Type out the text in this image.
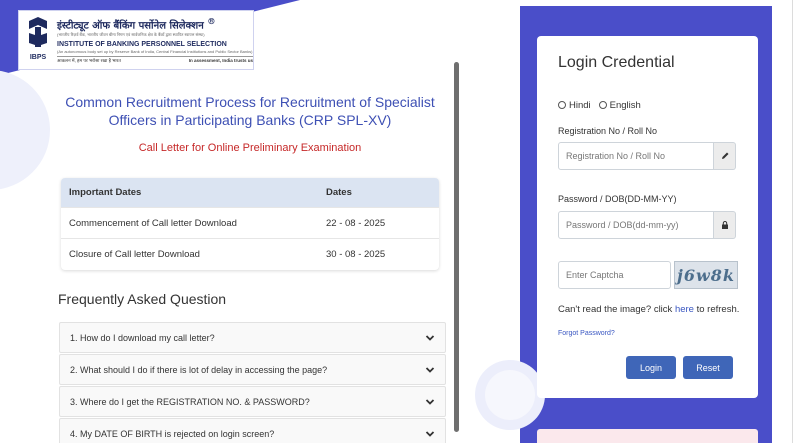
IBPS
इंस्टीट्यूट ऑफ बैंकिंग पर्सोनेल सिलेक्शन ®
(भारतीय रिज़र्व बैंक, भारतीय जीवन बीमा निगम एवं सार्वजनिक क्षेत्र के बैंकों द्वारा स्थापित स्वायत्त संस्था)
INSTITUTE OF BANKING PERSONNEL SELECTION
(An autonomous body set up by Reserve Bank of India, Central Financial Institutions and Public Sector Banks)
आकलन में, हम पर भरोसा रखा है भारत	In assessment, India trusts us
Common Recruitment Process for Recruitment of Specialist Officers in Participating Banks (CRP SPL-XV)
Call Letter for Online Preliminary Examination
Important Dates	Dates
Commencement of Call letter Download	22 - 08 - 2025
Closure of Call letter Download	30 - 08 - 2025
Frequently Asked Question
1. How do I download my call letter?
2. What should I do if there is lot of delay in accessing the page?
3. Where do I get the REGISTRATION NO. & PASSWORD?
4. My DATE OF BIRTH is rejected on login screen?
Login Credential
Hindi	English
Registration No / Roll No
Registration No / Roll No
Password / DOB(DD-MM-YY)
Enter Captcha
j6w8k
Can't read the image? click here to refresh.
Forgot Password?
Login	Reset
